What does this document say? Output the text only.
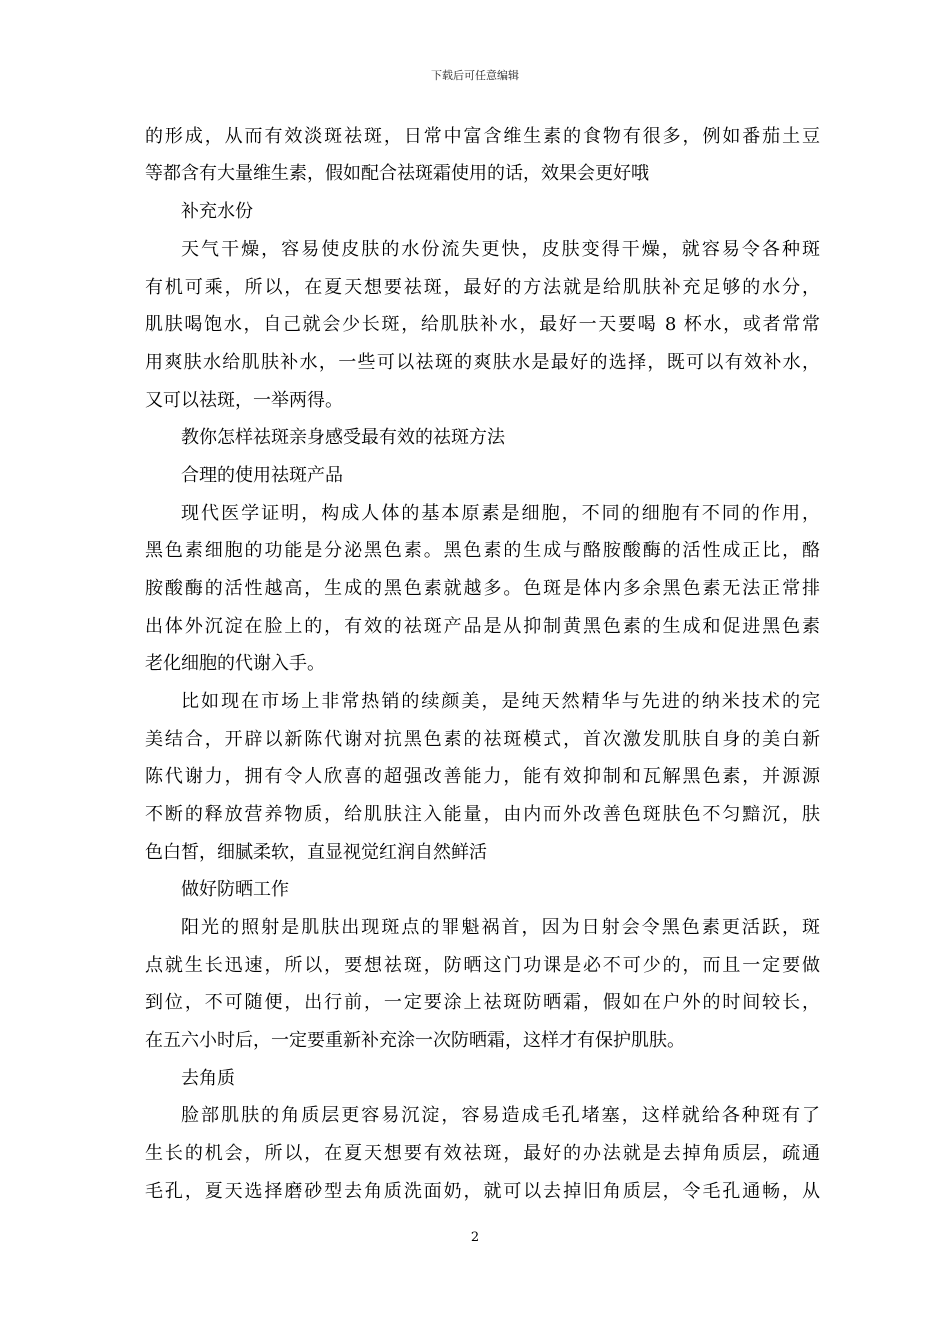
下载后可任意编辑
的形成，从而有效淡斑祛斑，日常中富含维生素的食物有很多，例如番茄土豆
等都含有大量维生素，假如配合祛斑霜使用的话，效果会更好哦
补充水份
天气干燥，容易使皮肤的水份流失更快，皮肤变得干燥，就容易令各种斑
有机可乘，所以，在夏天想要祛斑，最好的方法就是给肌肤补充足够的水分，
肌肤喝饱水，自己就会少长斑，给肌肤补水，最好一天要喝 8 杯水，或者常常
用爽肤水给肌肤补水，一些可以祛斑的爽肤水是最好的选择，既可以有效补水，
又可以祛斑，一举两得。
教你怎样祛斑亲身感受最有效的祛斑方法
合理的使用祛斑产品
现代医学证明，构成人体的基本原素是细胞，不同的细胞有不同的作用，
黑色素细胞的功能是分泌黑色素。黑色素的生成与酪胺酸酶的活性成正比，酪
胺酸酶的活性越高，生成的黑色素就越多。色斑是体内多余黑色素无法正常排
出体外沉淀在脸上的，有效的祛斑产品是从抑制黄黑色素的生成和促进黑色素
老化细胞的代谢入手。
比如现在市场上非常热销的续颜美，是纯天然精华与先进的纳米技术的完
美结合，开辟以新陈代谢对抗黑色素的祛斑模式，首次激发肌肤自身的美白新
陈代谢力，拥有令人欣喜的超强改善能力，能有效抑制和瓦解黑色素，并源源
不断的释放营养物质，给肌肤注入能量，由内而外改善色斑肤色不匀黯沉，肤
色白皙，细腻柔软，直显视觉红润自然鲜活
做好防晒工作
阳光的照射是肌肤出现斑点的罪魁祸首，因为日射会令黑色素更活跃，斑
点就生长迅速，所以，要想祛斑，防晒这门功课是必不可少的，而且一定要做
到位，不可随便，出行前，一定要涂上祛斑防晒霜，假如在户外的时间较长，
在五六小时后，一定要重新补充涂一次防晒霜，这样才有保护肌肤。
去角质
脸部肌肤的角质层更容易沉淀，容易造成毛孔堵塞，这样就给各种斑有了
生长的机会，所以，在夏天想要有效祛斑，最好的办法就是去掉角质层，疏通
毛孔，夏天选择磨砂型去角质洗面奶，就可以去掉旧角质层，令毛孔通畅，从
2
